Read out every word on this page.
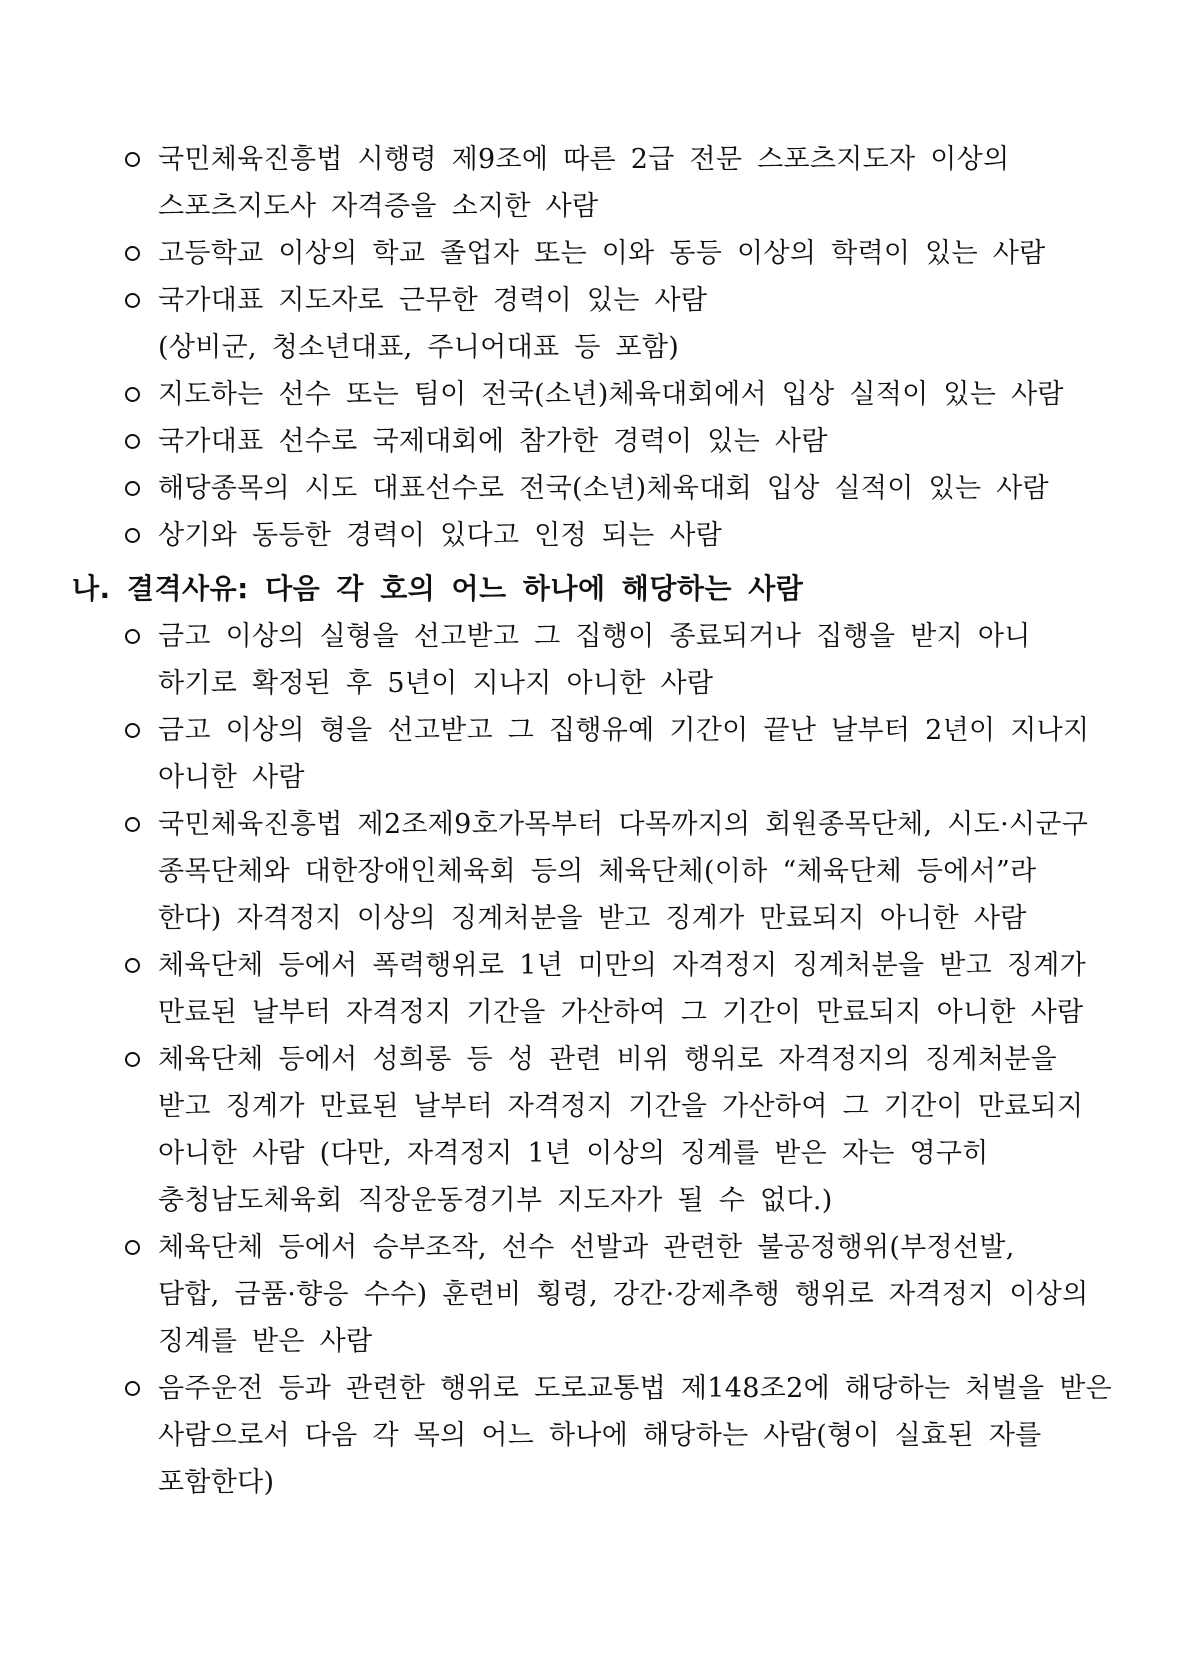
국민체육진흥법 시행령 제9조에 따른 2급 전문 스포츠지도자 이상의
스포츠지도사 자격증을 소지한 사람
고등학교 이상의 학교 졸업자 또는 이와 동등 이상의 학력이 있는 사람
국가대표 지도자로 근무한 경력이 있는 사람
(상비군, 청소년대표, 주니어대표 등 포함)
지도하는 선수 또는 팀이 전국(소년)체육대회에서 입상 실적이 있는 사람
국가대표 선수로 국제대회에 참가한 경력이 있는 사람
해당종목의 시도 대표선수로 전국(소년)체육대회 입상 실적이 있는 사람
상기와 동등한 경력이 있다고 인정 되는 사람
나. 결격사유: 다음 각 호의 어느 하나에 해당하는 사람
금고 이상의 실형을 선고받고 그 집행이 종료되거나 집행을 받지 아니
하기로 확정된 후 5년이 지나지 아니한 사람
금고 이상의 형을 선고받고 그 집행유예 기간이 끝난 날부터 2년이 지나지
아니한 사람
국민체육진흥법 제2조제9호가목부터 다목까지의 회원종목단체, 시도·시군구
종목단체와 대한장애인체육회 등의 체육단체(이하 “체육단체 등에서”라
한다) 자격정지 이상의 징계처분을 받고 징계가 만료되지 아니한 사람
체육단체 등에서 폭력행위로 1년 미만의 자격정지 징계처분을 받고 징계가
만료된 날부터 자격정지 기간을 가산하여 그 기간이 만료되지 아니한 사람
체육단체 등에서 성희롱 등 성 관련 비위 행위로 자격정지의 징계처분을
받고 징계가 만료된 날부터 자격정지 기간을 가산하여 그 기간이 만료되지
아니한 사람 (다만, 자격정지 1년 이상의 징계를 받은 자는 영구히
충청남도체육회 직장운동경기부 지도자가 될 수 없다.)
체육단체 등에서 승부조작, 선수 선발과 관련한 불공정행위(부정선발,
담합, 금품·향응 수수) 훈련비 횡령, 강간·강제추행 행위로 자격정지 이상의
징계를 받은 사람
음주운전 등과 관련한 행위로 도로교통법 제148조2에 해당하는 처벌을 받은
사람으로서 다음 각 목의 어느 하나에 해당하는 사람(형이 실효된 자를
포함한다)
